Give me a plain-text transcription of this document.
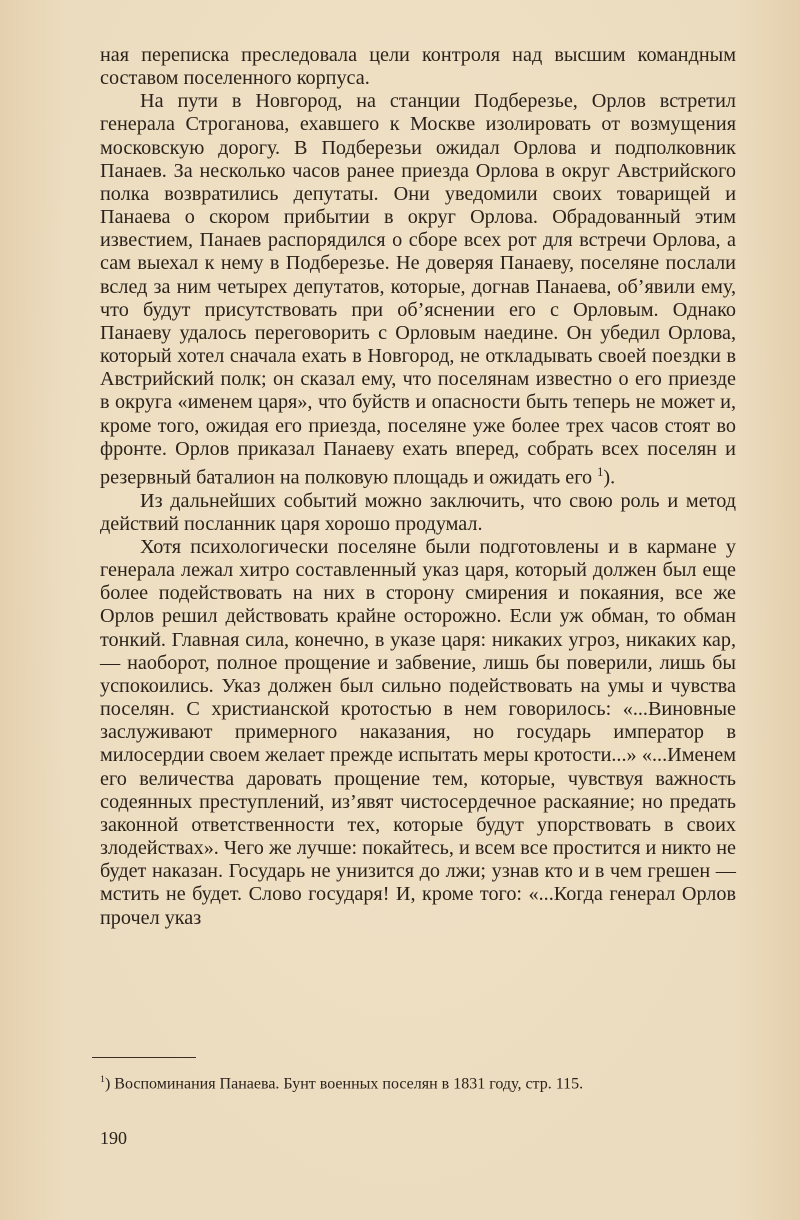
ная переписка преследовала цели контроля над высшим командным составом поселенного корпуса.

На пути в Новгород, на станции Подберезье, Орлов встретил генерала Строганова, ехавшего к Москве изолировать от возмущения московскую дорогу. В Подберезьи ожидал Орлова и подполковник Панаев. За несколько часов ранее приезда Орлова в округ Австрийского полка возвратились депутаты. Они уведомили своих товарищей и Панаева о скором прибытии в округ Орлова. Обрадованный этим известием, Панаев распорядился о сборе всех рот для встречи Орлова, а сам выехал к нему в Подберезье. Не доверяя Панаеву, поселяне послали вслед за ним четырех депутатов, которые, догнав Панаева, об’явили ему, что будут присутствовать при об’яснении его с Орловым. Однако Панаеву удалось переговорить с Орловым наедине. Он убедил Орлова, который хотел сначала ехать в Новгород, не откладывать своей поездки в Австрийский полк; он сказал ему, что поселянам известно о его приезде в округа «именем царя», что буйств и опасности быть теперь не может и, кроме того, ожидая его приезда, поселяне уже более трех часов стоят во фронте. Орлов приказал Панаеву ехать вперед, собрать всех поселян и резервный баталион на полковую площадь и ожидать его $^1$).

Из дальнейших событий можно заключить, что свою роль и метод действий посланник царя хорошо продумал.

Хотя психологически поселяне были подготовлены и в кармане у генерала лежал хитро составленный указ царя, который должен был еще более подействовать на них в сторону смирения и покаяния, все же Орлов решил действовать крайне осторожно. Если уж обман, то обман тонкий. Главная сила, конечно, в указе царя: никаких угроз, никаких кар, — наоборот, полное прощение и забвение, лишь бы поверили, лишь бы успокоились. Указ должен был сильно подействовать на умы и чувства поселян. С христианской кротостью в нем говорилось: «...Виновные заслуживают примерного наказания, но государь император в милосердии своем желает прежде испытать меры кротости...» «...Именем его величества даровать прощение тем, которые, чувствуя важность содеянных преступлений, из’явят чистосердечное раскаяние; но предать законной ответственности тех, которые будут упорствовать в своих злодействах». Чего же лучше: покайтесь, и всем все простится и никто не будет наказан. Государь не унизится до лжи; узнав кто и в чем грешен — мстить не будет. Слово государя! И, кроме того: «...Когда генерал Орлов прочел указ

$^1$) Воспоминания Панаева. Бунт военных поселян в 1831 году, стр. 115.
190
